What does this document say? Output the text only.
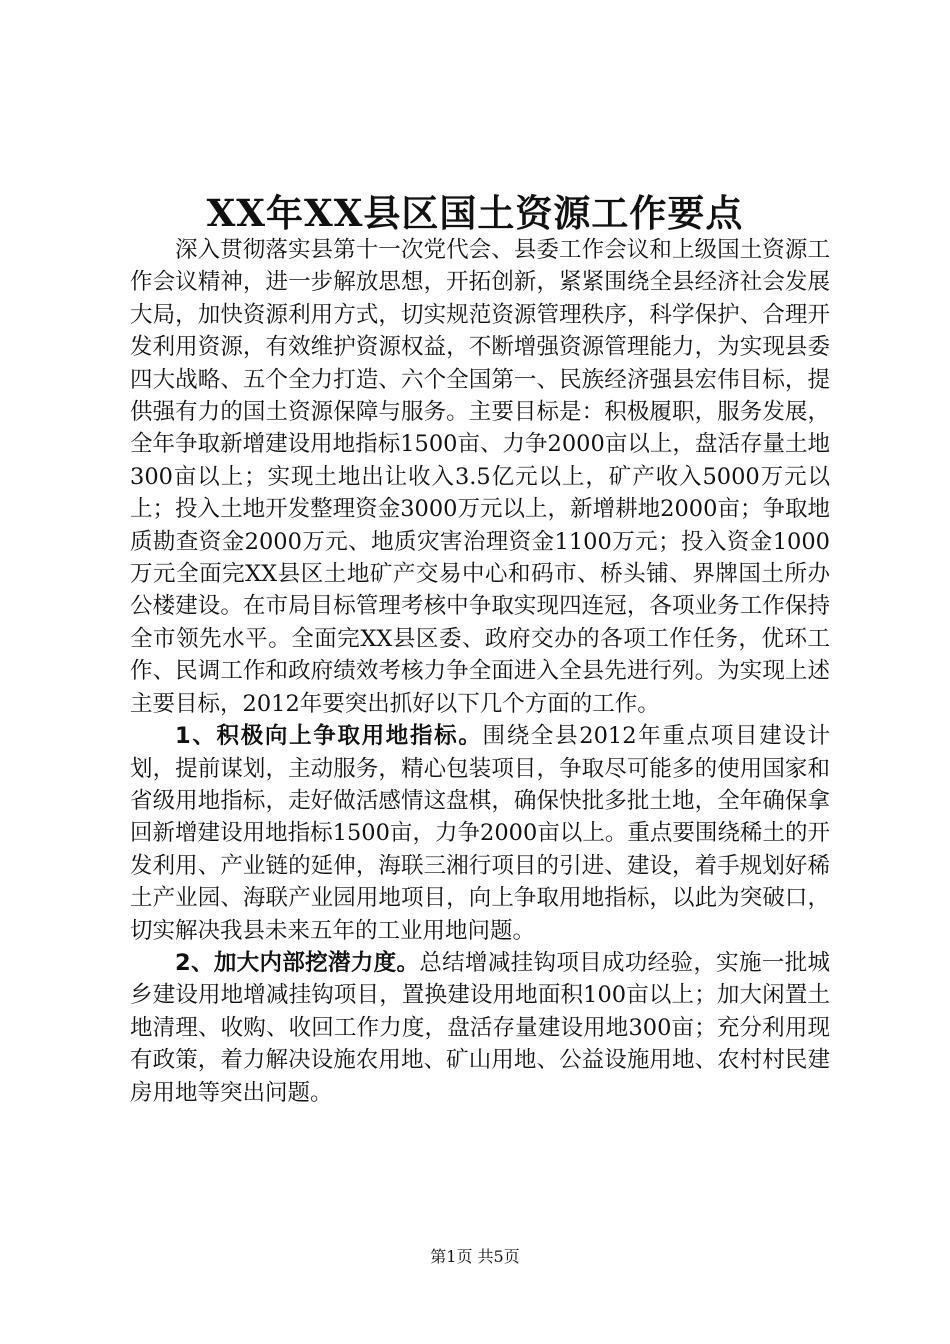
XX年XX县区国土资源工作要点

深入贯彻落实县第十一次党代会、县委工作会议和上级国土资源工作会议精神，进一步解放思想，开拓创新，紧紧围绕全县经济社会发展大局，加快资源利用方式，切实规范资源管理秩序，科学保护、合理开发利用资源，有效维护资源权益，不断增强资源管理能力，为实现县委四大战略、五个全力打造、六个全国第一、民族经济强县宏伟目标，提供强有力的国土资源保障与服务。主要目标是：积极履职，服务发展，全年争取新增建设用地指标1500亩、力争2000亩以上，盘活存量土地300亩以上；实现土地出让收入3.5亿元以上，矿产收入5000万元以上；投入土地开发整理资金3000万元以上，新增耕地2000亩；争取地质勘查资金2000万元、地质灾害治理资金1100万元；投入资金1000万元全面完XX县区土地矿产交易中心和码市、桥头铺、界牌国土所办公楼建设。在市局目标管理考核中争取实现四连冠，各项业务工作保持全市领先水平。全面完XX县区委、政府交办的各项工作任务，优环工作、民调工作和政府绩效考核力争全面进入全县先进行列。为实现上述主要目标，2012年要突出抓好以下几个方面的工作。

1、积极向上争取用地指标。围绕全县2012年重点项目建设计划，提前谋划，主动服务，精心包装项目，争取尽可能多的使用国家和省级用地指标，走好做活感情这盘棋，确保快批多批土地，全年确保拿回新增建设用地指标1500亩，力争2000亩以上。重点要围绕稀土的开发利用、产业链的延伸，海联三湘行项目的引进、建设，着手规划好稀土产业园、海联产业园用地项目，向上争取用地指标，以此为突破口，切实解决我县未来五年的工业用地问题。

2、加大内部挖潜力度。总结增减挂钩项目成功经验，实施一批城乡建设用地增减挂钩项目，置换建设用地面积100亩以上；加大闲置土地清理、收购、收回工作力度，盘活存量建设用地300亩；充分利用现有政策，着力解决设施农用地、矿山用地、公益设施用地、农村村民建房用地等突出问题。

第1页 共5页
